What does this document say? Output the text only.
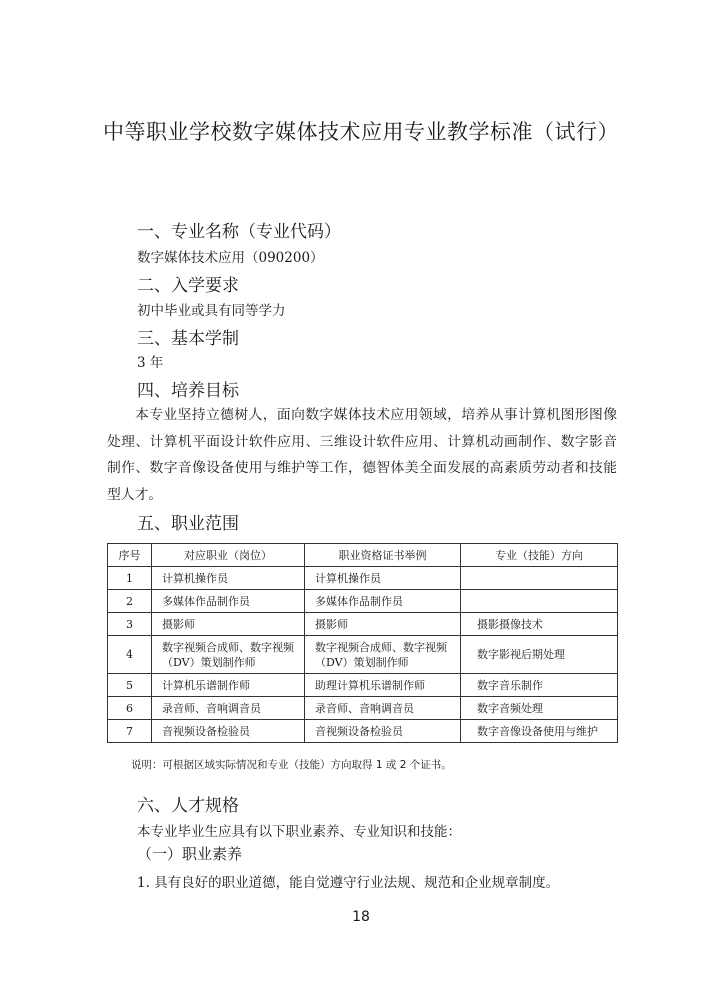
中等职业学校数字媒体技术应用专业教学标准（试行）
一、专业名称（专业代码）
数字媒体技术应用（090200）
二、入学要求
初中毕业或具有同等学力
三、基本学制
3 年
四、培养目标
本专业坚持立德树人，面向数字媒体技术应用领域，培养从事计算机图形图像处理、计算机平面设计软件应用、三维设计软件应用、计算机动画制作、数字影音制作、数字音像设备使用与维护等工作，德智体美全面发展的高素质劳动者和技能型人才。
五、职业范围
序号	对应职业（岗位）	职业资格证书举例	专业（技能）方向
1	计算机操作员	计算机操作员	
2	多媒体作品制作员	多媒体作品制作员	
3	摄影师	摄影师	摄影摄像技术
4	数字视频合成师、数字视频（DV）策划制作师	数字视频合成师、数字视频（DV）策划制作师	数字影视后期处理
5	计算机乐谱制作师	助理计算机乐谱制作师	数字音乐制作
6	录音师、音响调音员	录音师、音响调音员	数字音频处理
7	音视频设备检验员	音视频设备检验员	数字音像设备使用与维护
说明：可根据区域实际情况和专业（技能）方向取得 1 或 2 个证书。
六、人才规格
本专业毕业生应具有以下职业素养、专业知识和技能：
（一）职业素养
1. 具有良好的职业道德，能自觉遵守行业法规、规范和企业规章制度。
18
